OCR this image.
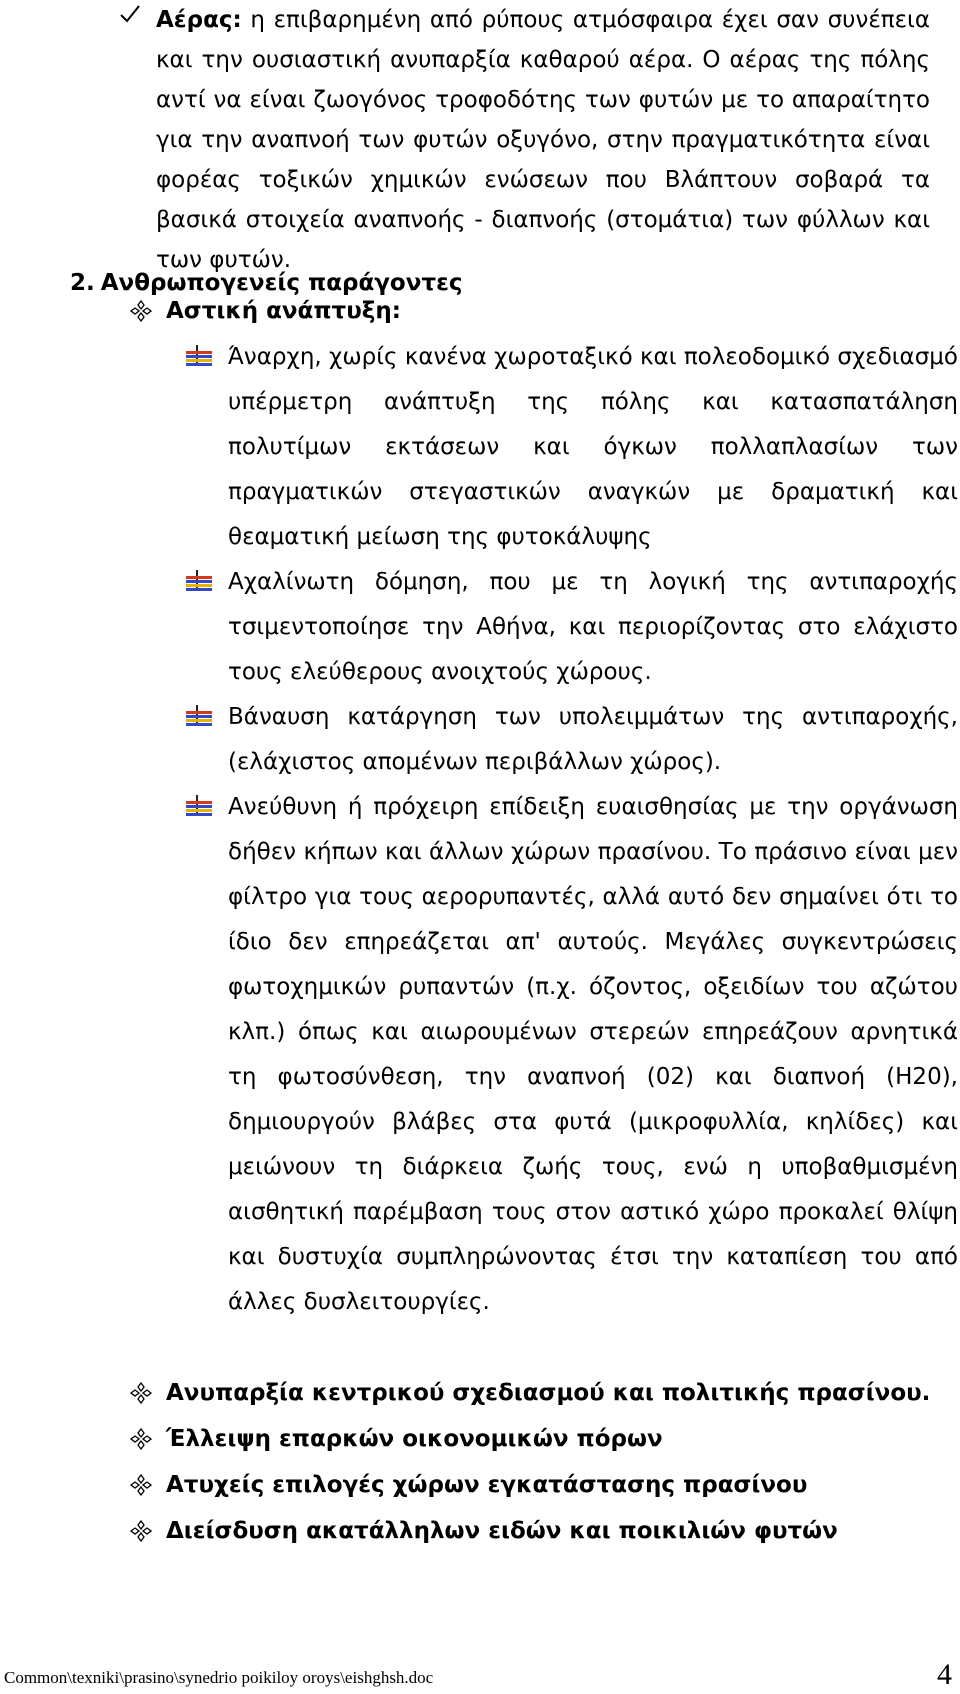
Αέρας: η επιβαρημένη από ρύπους ατμόσφαιρα έχει σαν συνέπεια και την ουσιαστική ανυπαρξία καθαρού αέρα. Ο αέρας της πόλης αντί να είναι ζωογόνος τροφοδότης των φυτών με το απαραίτητο για την αναπνοή των φυτών οξυγόνο, στην πραγματικότητα είναι φορέας τοξικών χημικών ενώσεων που Βλάπτουν σοβαρά τα βασικά στοιχεία αναπνοής - διαπνοής (στομάτια) των φύλλων και των φυτών.
2. Ανθρωπογενείς παράγοντες
Αστική ανάπτυξη:

Άναρχη, χωρίς κανένα χωροταξικό και πολεοδομικό σχεδιασμό υπέρμετρη ανάπτυξη της πόλης και κατασπατάληση πολυτίμων εκτάσεων και όγκων πολλαπλασίων των πραγματικών στεγαστικών αναγκών με δραματική και θεαματική μείωση της φυτοκάλυψης

Αχαλίνωτη δόμηση, που με τη λογική της αντιπαροχής τσιμεντοποίησε την Αθήνα, και περιορίζοντας στο ελάχιστο τους ελεύθερους ανοιχτούς χώρους.

Βάναυση κατάργηση των υπολειμμάτων της αντιπαροχής, (ελάχιστος απομένων περιβάλλων χώρος).

Ανεύθυνη ή πρόχειρη επίδειξη ευαισθησίας με την οργάνωση δήθεν κήπων και άλλων χώρων πρασίνου. Το πράσινο είναι μεν φίλτρο για τους αερορυπαντές, αλλά αυτό δεν σημαίνει ότι το ίδιο δεν επηρεάζεται απ' αυτούς. Μεγάλες συγκεντρώσεις φωτοχημικών ρυπαντών (π.χ. όζοντος, οξειδίων του αζώτου κλπ.) όπως και αιωρουμένων στερεών επηρεάζουν αρνητικά τη φωτοσύνθεση, την αναπνοή (02) και διαπνοή (Η20), δημιουργούν βλάβες στα φυτά (μικροφυλλία, κηλίδες) και μειώνουν τη διάρκεια ζωής τους, ενώ η υποβαθμισμένη αισθητική παρέμβαση τους στον αστικό χώρο προκαλεί θλίψη και δυστυχία συμπληρώνοντας έτσι την καταπίεση του από άλλες δυσλειτουργίες.

Ανυπαρξία κεντρικού σχεδιασμού και πολιτικής πρασίνου.
Έλλειψη επαρκών οικονομικών πόρων
Ατυχείς επιλογές χώρων εγκατάστασης πρασίνου
Διείσδυση ακατάλληλων ειδών και ποικιλιών φυτών
Common\texniki\prasino\synedrio poikiloy oroys\eishghsh.doc	4
